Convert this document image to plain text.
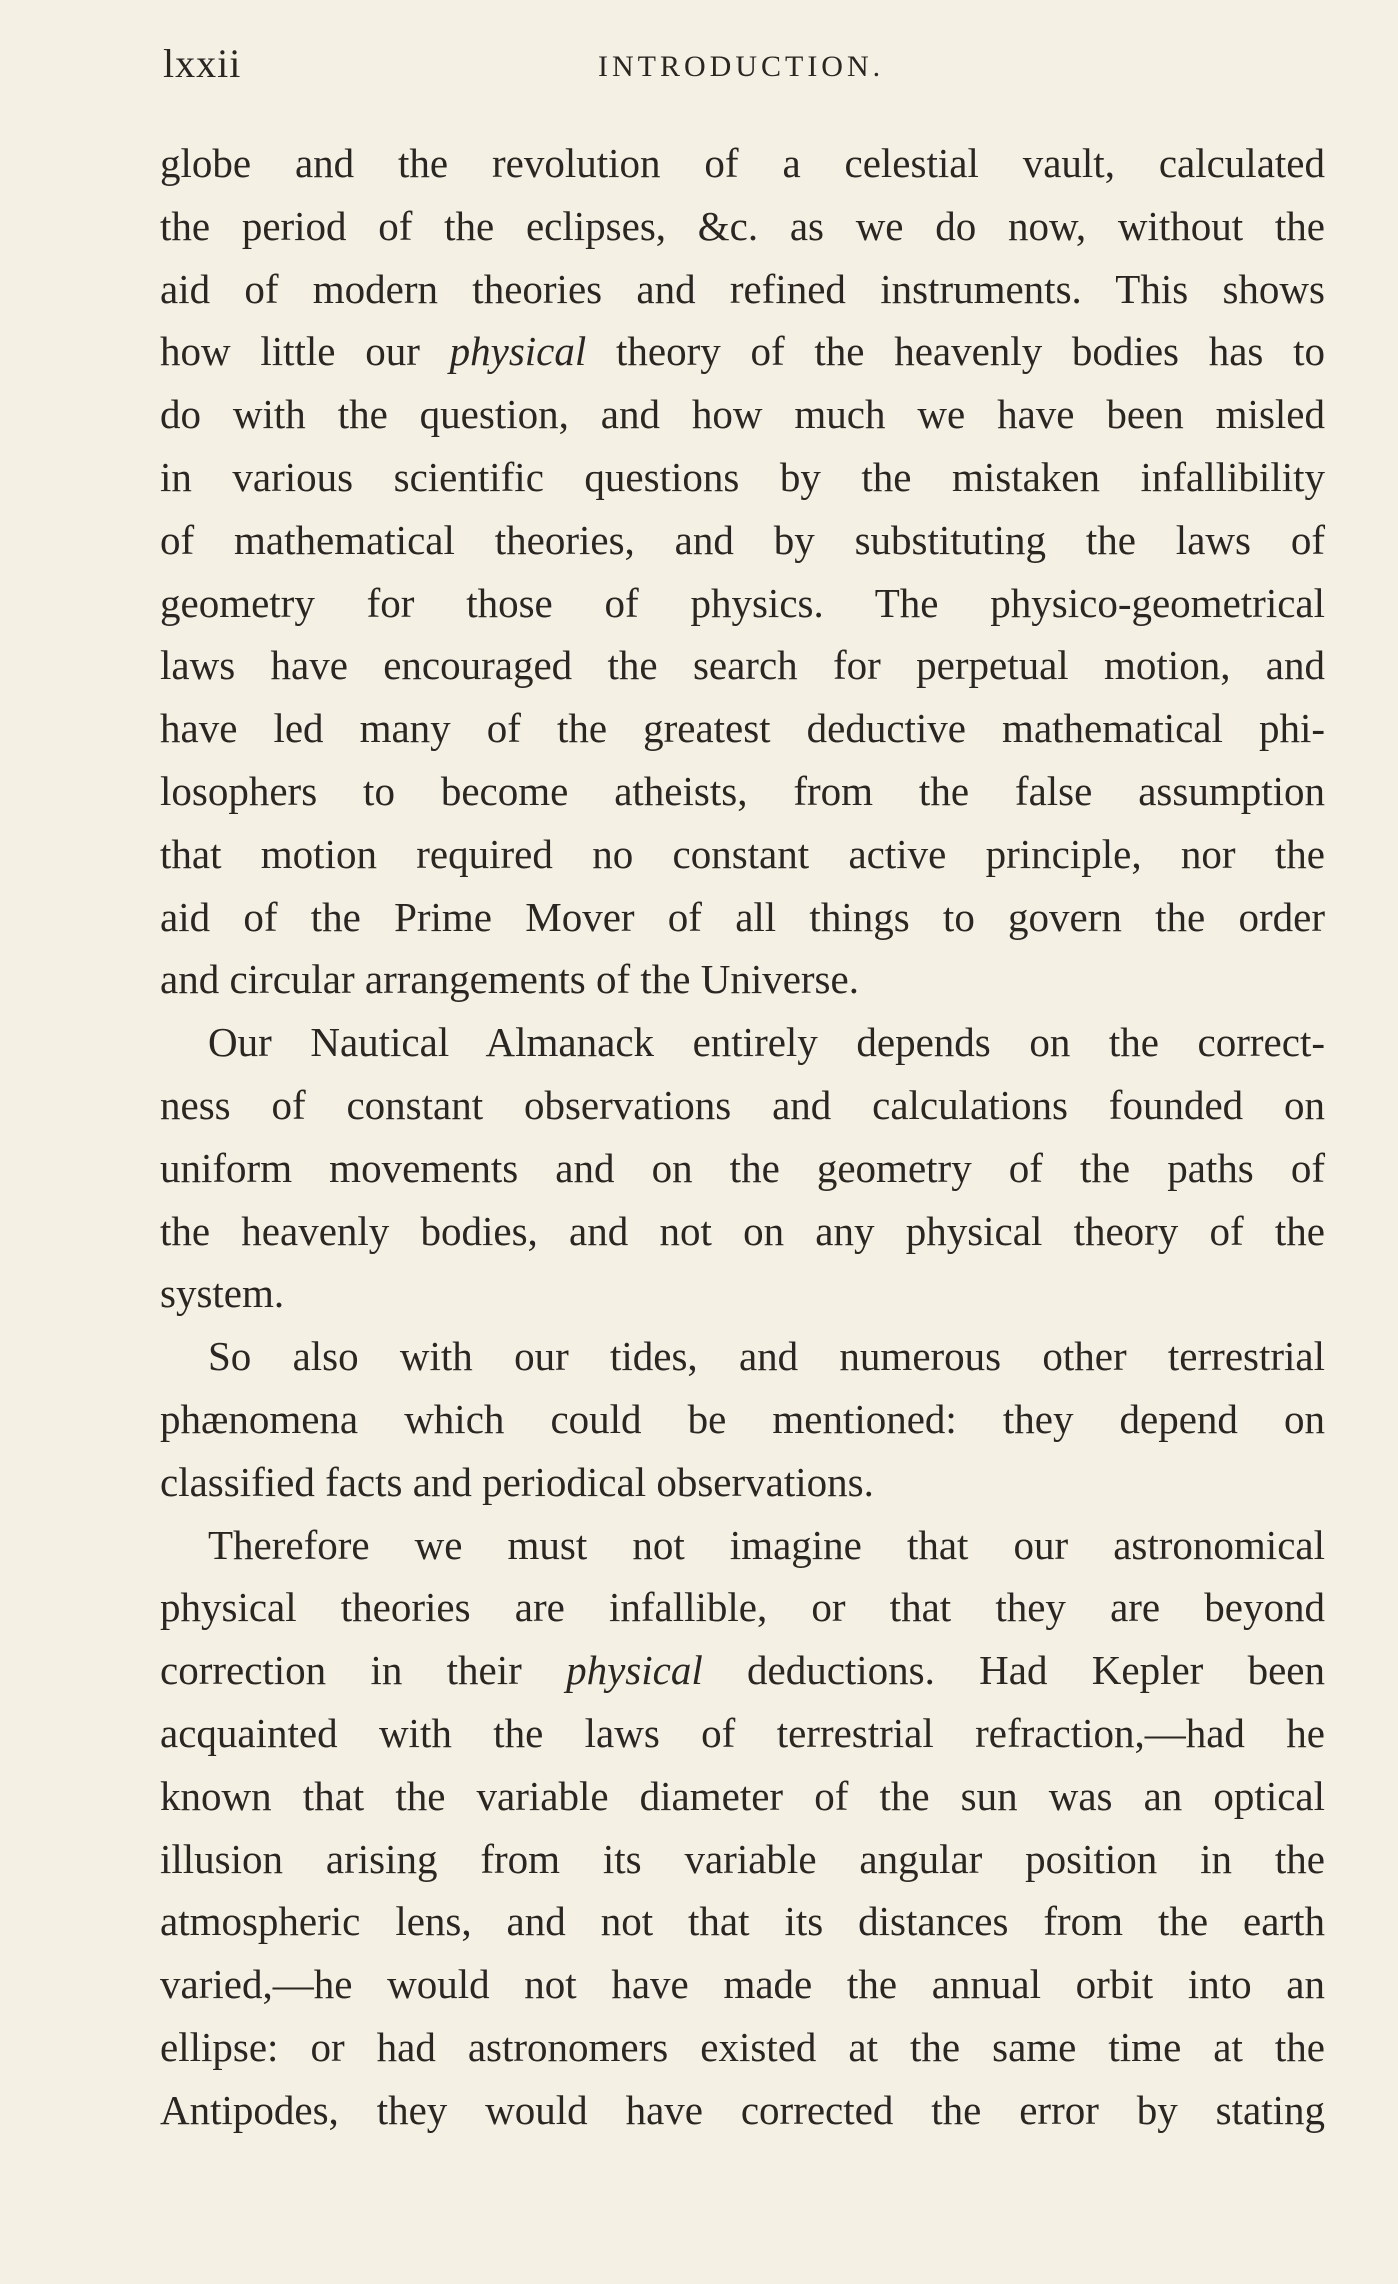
lxxii	INTRODUCTION.
globe and the revolution of a celestial vault, calculated
the period of the eclipses, &c. as we do now, without the
aid of modern theories and refined instruments. This shows
how little our physical theory of the heavenly bodies has to
do with the question, and how much we have been misled
in various scientific questions by the mistaken infallibility
of mathematical theories, and by substituting the laws of
geometry for those of physics. The physico-geometrical
laws have encouraged the search for perpetual motion, and
have led many of the greatest deductive mathematical phi-
losophers to become atheists, from the false assumption
that motion required no constant active principle, nor the
aid of the Prime Mover of all things to govern the order
and circular arrangements of the Universe.
Our Nautical Almanack entirely depends on the correct-
ness of constant observations and calculations founded on
uniform movements and on the geometry of the paths of
the heavenly bodies, and not on any physical theory of the
system.
So also with our tides, and numerous other terrestrial
phænomena which could be mentioned: they depend on
classified facts and periodical observations.
Therefore we must not imagine that our astronomical
physical theories are infallible, or that they are beyond
correction in their physical deductions. Had Kepler been
acquainted with the laws of terrestrial refraction,—had he
known that the variable diameter of the sun was an optical
illusion arising from its variable angular position in the
atmospheric lens, and not that its distances from the earth
varied,—he would not have made the annual orbit into an
ellipse: or had astronomers existed at the same time at the
Antipodes, they would have corrected the error by stating
